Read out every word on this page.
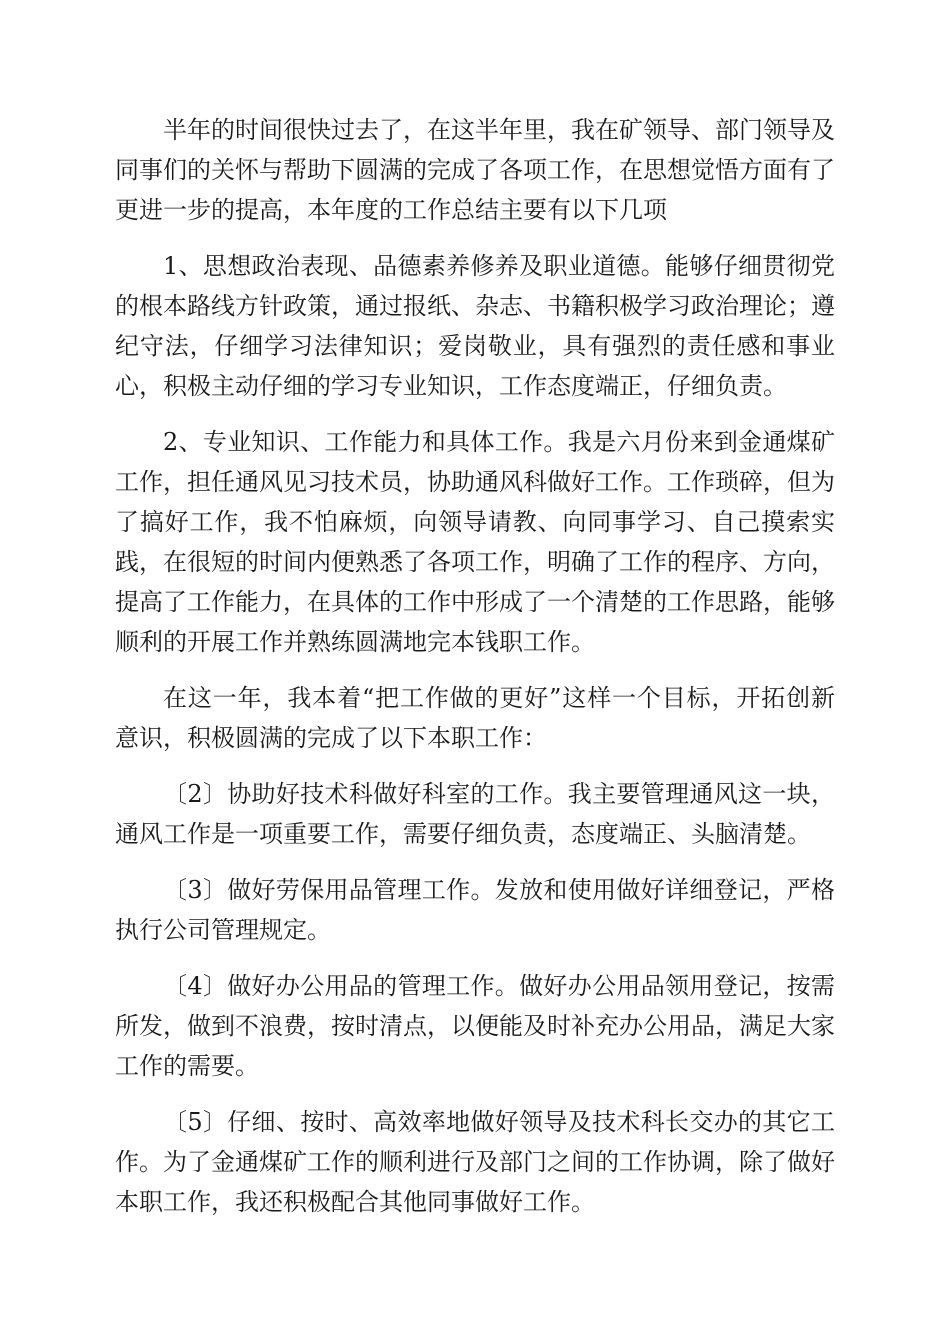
半年的时间很快过去了，在这半年里，我在矿领导、部门领导及同事们的关怀与帮助下圆满的完成了各项工作，在思想觉悟方面有了更进一步的提高，本年度的工作总结主要有以下几项

1、思想政治表现、品德素养修养及职业道德。能够仔细贯彻党的根本路线方针政策，通过报纸、杂志、书籍积极学习政治理论；遵纪守法，仔细学习法律知识；爱岗敬业，具有强烈的责任感和事业心，积极主动仔细的学习专业知识，工作态度端正，仔细负责。

2、专业知识、工作能力和具体工作。我是六月份来到金通煤矿工作，担任通风见习技术员，协助通风科做好工作。工作琐碎，但为了搞好工作，我不怕麻烦，向领导请教、向同事学习、自己摸索实践，在很短的时间内便熟悉了各项工作，明确了工作的程序、方向，提高了工作能力，在具体的工作中形成了一个清楚的工作思路，能够顺利的开展工作并熟练圆满地完本钱职工作。

在这一年，我本着“把工作做的更好”这样一个目标，开拓创新意识，积极圆满的完成了以下本职工作：

〔2〕协助好技术科做好科室的工作。我主要管理通风这一块，通风工作是一项重要工作，需要仔细负责，态度端正、头脑清楚。

〔3〕做好劳保用品管理工作。发放和使用做好详细登记，严格执行公司管理规定。

〔4〕做好办公用品的管理工作。做好办公用品领用登记，按需所发，做到不浪费，按时清点，以便能及时补充办公用品，满足大家工作的需要。

〔5〕仔细、按时、高效率地做好领导及技术科长交办的其它工作。为了金通煤矿工作的顺利进行及部门之间的工作协调，除了做好本职工作，我还积极配合其他同事做好工作。
